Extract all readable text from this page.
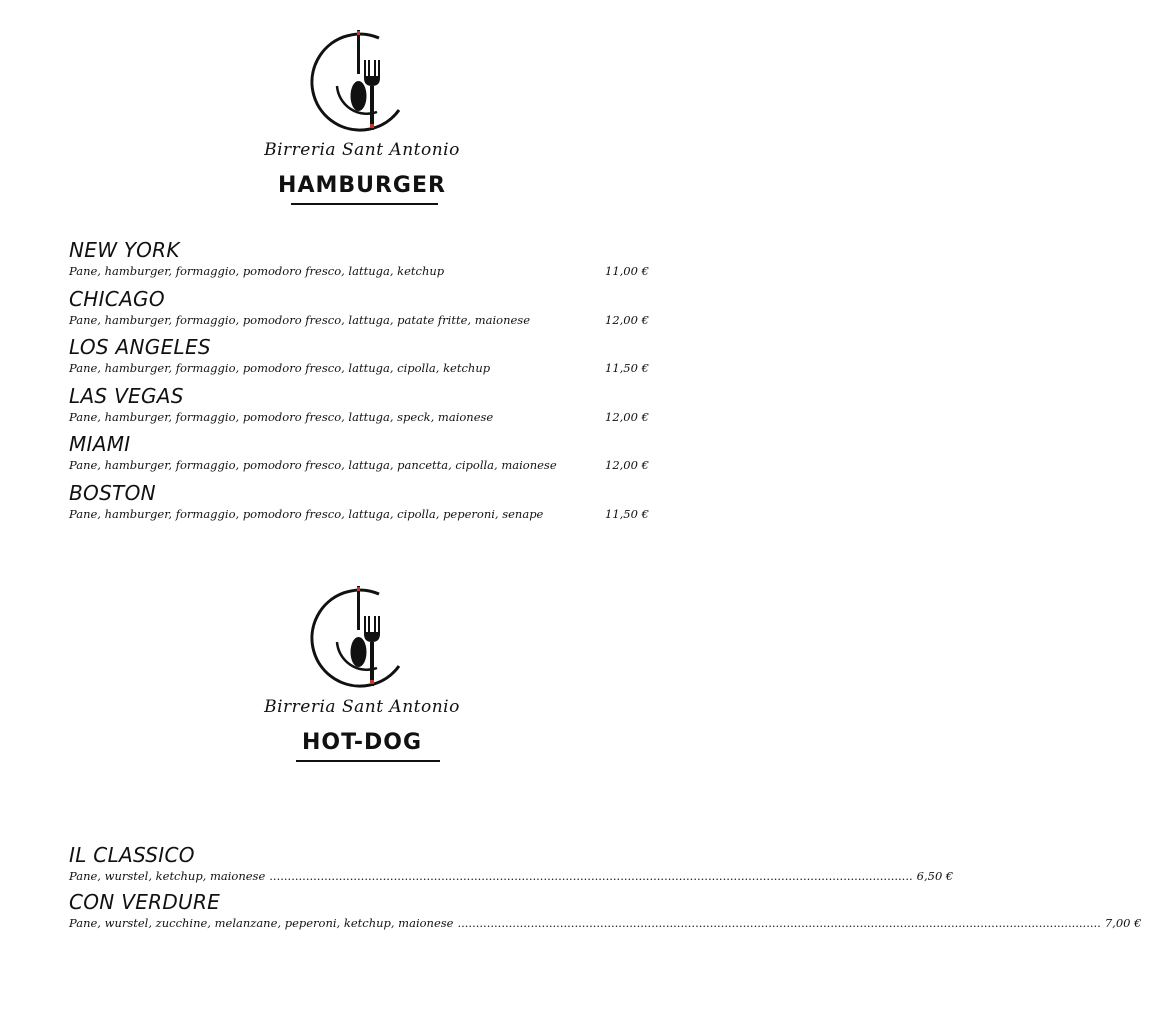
Birreria Sant Antonio
HAMBURGER
NEW YORK
Pane, hamburger, formaggio, pomodoro fresco, lattuga, ketchup	11,00 €
CHICAGO
Pane, hamburger, formaggio, pomodoro fresco, lattuga, patate fritte, maionese	12,00 €
LOS ANGELES
Pane, hamburger, formaggio, pomodoro fresco, lattuga, cipolla, ketchup	11,50 €
LAS VEGAS
Pane, hamburger, formaggio, pomodoro fresco, lattuga, speck, maionese	12,00 €
MIAMI
Pane, hamburger, formaggio, pomodoro fresco, lattuga, pancetta, cipolla, maionese	12,00 €
BOSTON
Pane, hamburger, formaggio, pomodoro fresco, lattuga, cipolla, peperoni, senape	11,50 €
Birreria Sant Antonio
HOT-DOG
IL CLASSICO
Pane, wurstel, ketchup, maionese ................................................................................................................................................................................ 6,50 €
CON VERDURE
Pane, wurstel, zucchine, melanzane, peperoni, ketchup, maionese ................................................................................................................................................................................ 7,00 €
